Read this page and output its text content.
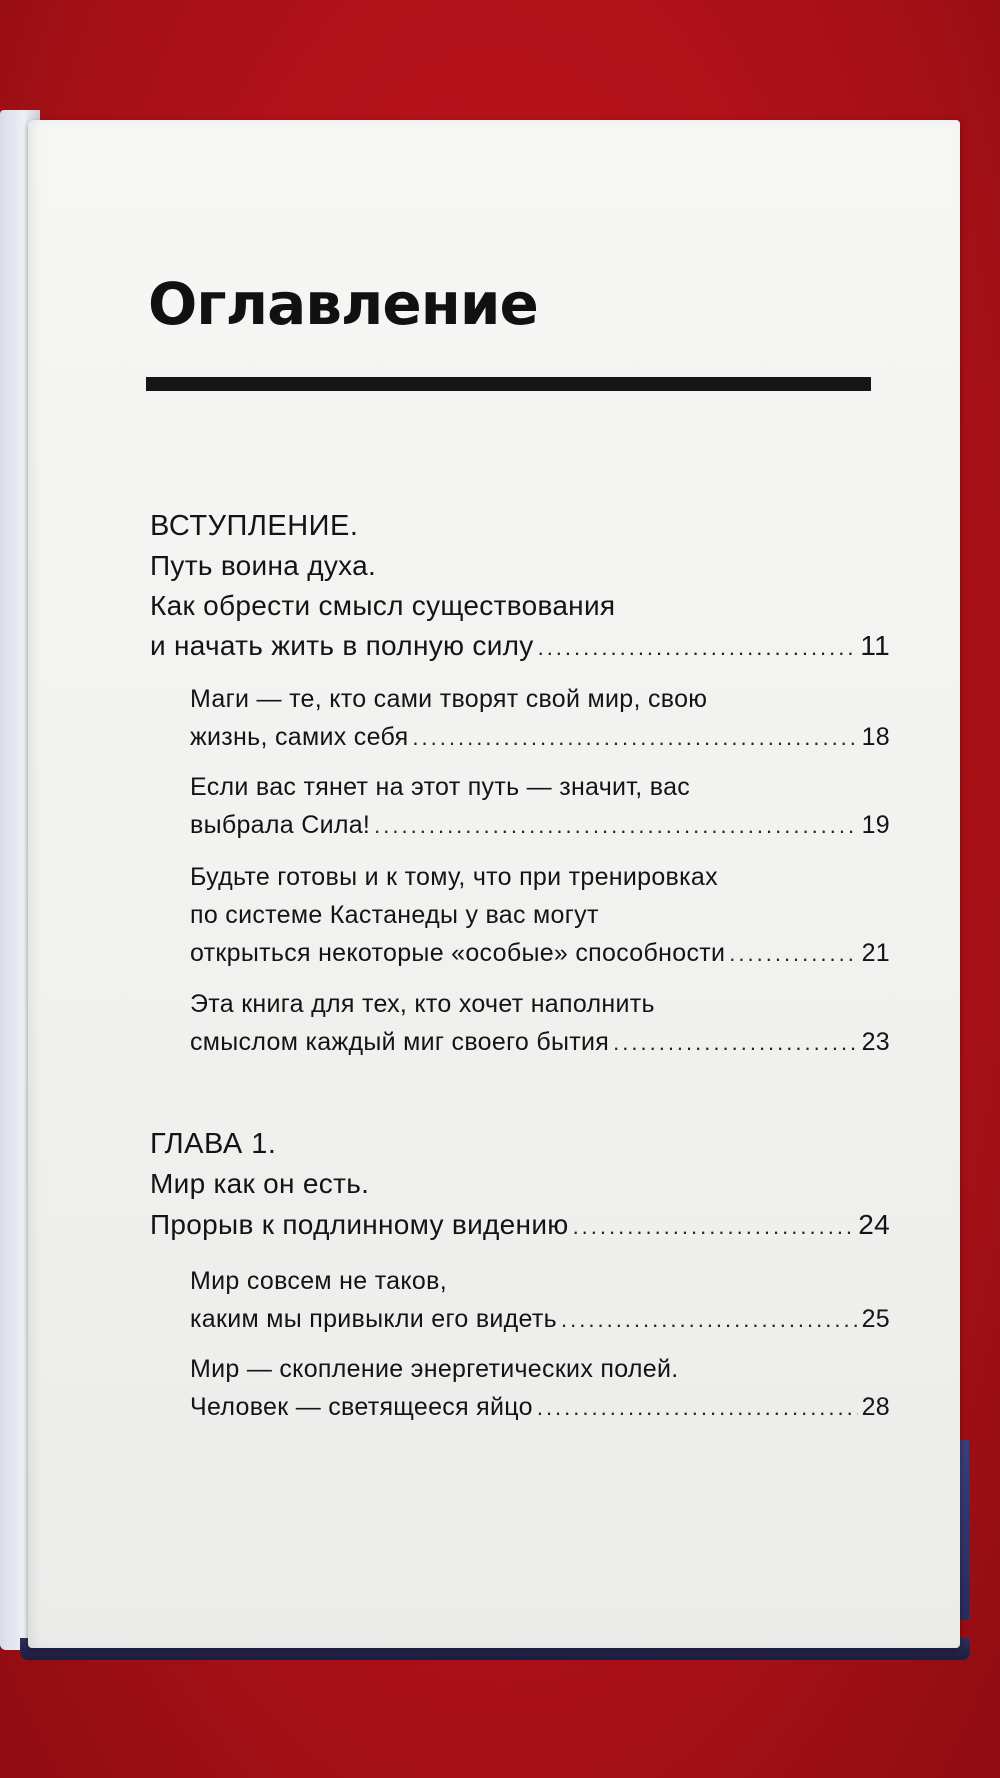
Оглавление
ВСТУПЛЕНИЕ.
Путь воина духа.
Как обрести смысл существования
и начать жить в полную силу .....	11
Маги — те, кто сами творят свой мир, свою
жизнь, самих себя .....	18
Если вас тянет на этот путь — значит, вас
выбрала Сила! .....	19
Будьте готовы и к тому, что при тренировках
по системе Кастанеды у вас могут
открыться некоторые «особые» способности .....	21
Эта книга для тех, кто хочет наполнить
смыслом каждый миг своего бытия .....	23
ГЛАВА 1.
Мир как он есть.
Прорыв к подлинному видению .....	24
Мир совсем не таков,
каким мы привыкли его видеть .....	25
Мир — скопление энергетических полей.
Человек — светящееся яйцо .....	28
